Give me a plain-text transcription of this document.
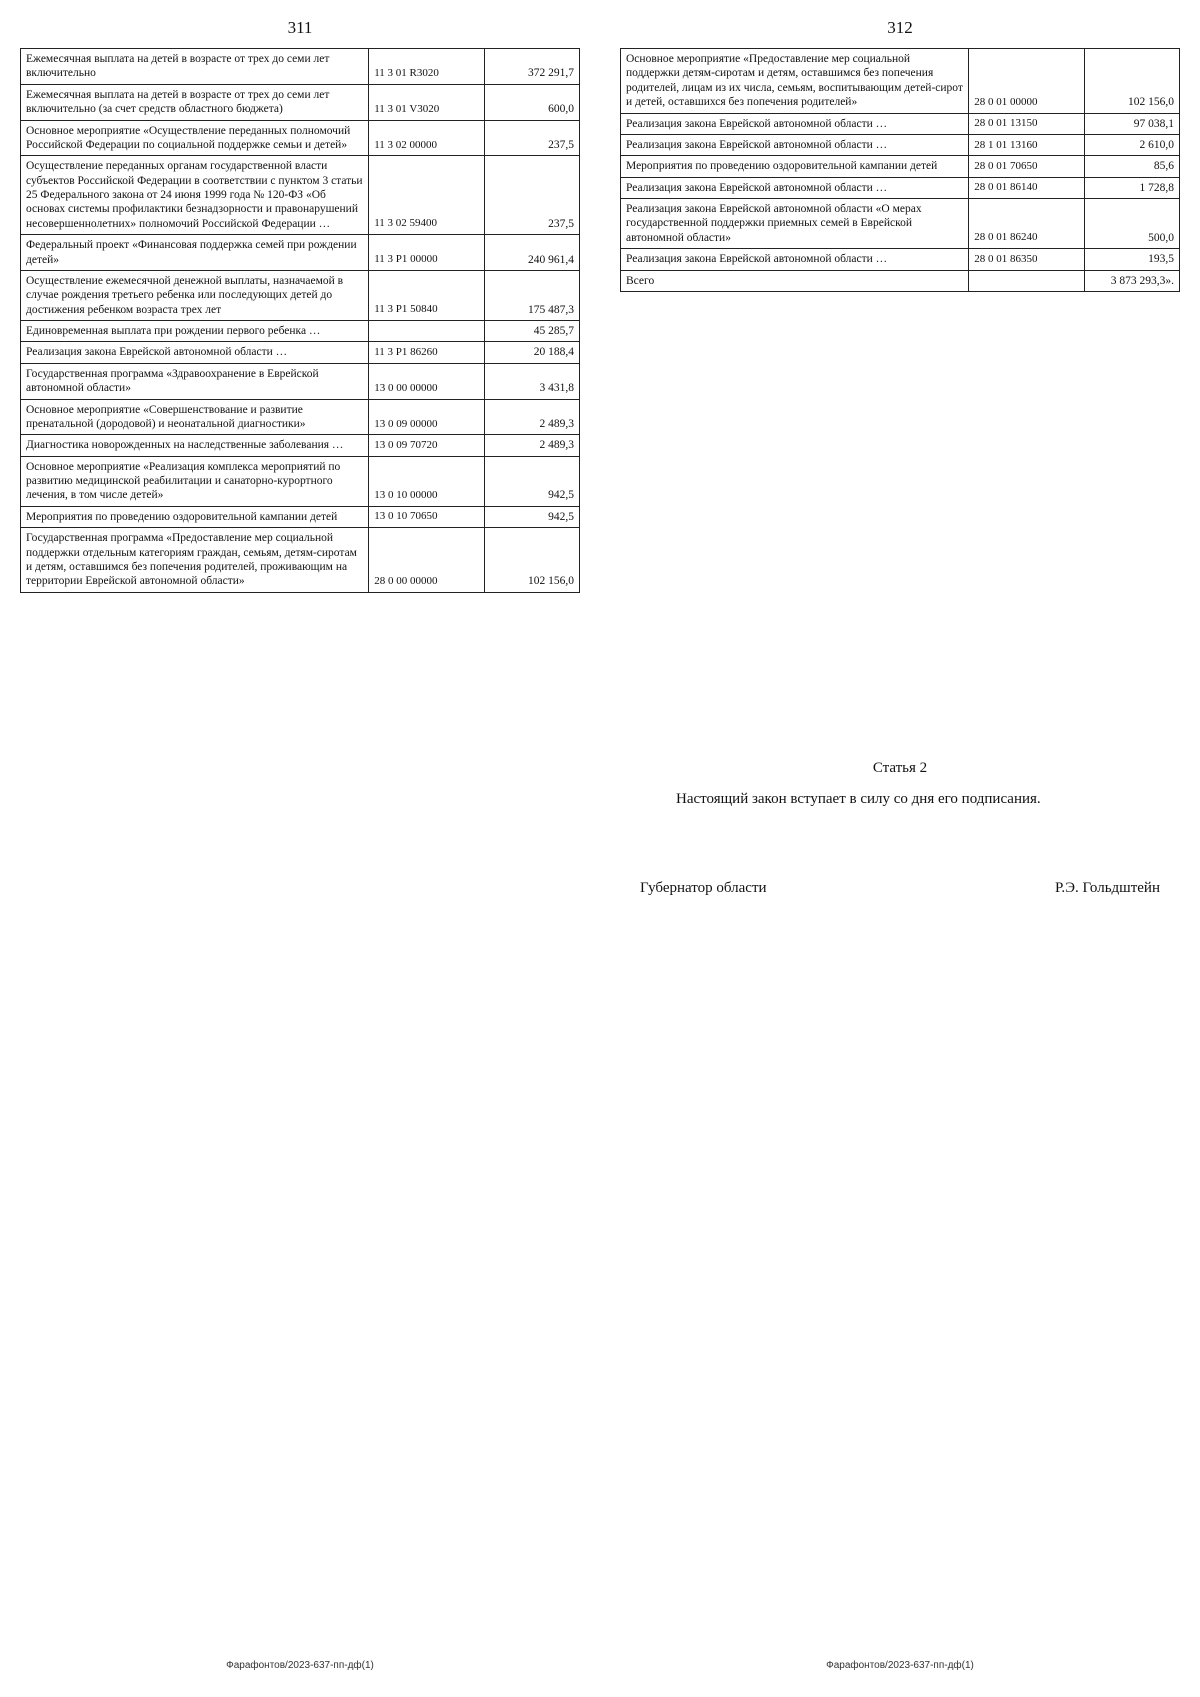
311	312
Ежемесячная выплата на детей в возрасте от трех до семи лет включительно	11 3 01 R3020	372 291,7
Ежемесячная выплата на детей в возрасте от трех до семи лет включительно (за счет средств областного бюджета)	11 3 01 V3020	600,0
Основное мероприятие «Осуществление переданных полномочий Российской Федерации по социальной поддержке семьи и детей»	11 3 02 00000	237,5
Осуществление переданных органам государственной власти субъектов Российской Федерации в соответствии с пунктом 3 статьи 25 Федерального закона от 24 июня 1999 года № 120-ФЗ «Об основах системы профилактики безнадзорности и правонарушений несовершеннолетних» полномочий Российской Федерации …	11 3 02 59400	237,5
Федеральный проект «Финансовая поддержка семей при рождении детей»	11 3 P1 00000	240 961,4
Осуществление ежемесячной денежной выплаты, назначаемой в случае рождения третьего ребенка или последующих детей до достижения ребенком возраста трех лет	11 3 P1 50840	175 487,3
Единовременная выплата при рождении первого ребенка …		45 285,7
Реализация закона Еврейской автономной области …	11 3 P1 86260	20 188,4
Государственная программа «Здравоохранение в Еврейской автономной области»	13 0 00 00000	3 431,8
Основное мероприятие «Совершенствование и развитие пренатальной (дородовой) и неонатальной диагностики»	13 0 09 00000	2 489,3
Диагностика новорожденных на наследственные заболевания …	13 0 09 70720	2 489,3
Основное мероприятие «Реализация комплекса мероприятий по развитию медицинской реабилитации и санаторно-курортного лечения, в том числе детей»	13 0 10 00000	942,5
Мероприятия по проведению оздоровительной кампании детей	13 0 10 70650	942,5
Государственная программа «Предоставление мер социальной поддержки отдельным категориям граждан, семьям, детям-сиротам и детям, оставшимся без попечения родителей, проживающим на территории Еврейской автономной области»	28 0 00 00000	102 156,0
Основное мероприятие «Предоставление мер социальной поддержки детям-сиротам и детям, оставшимся без попечения родителей, лицам из их числа, семьям, воспитывающим детей-сирот и детей, оставшихся без попечения родителей»	28 0 01 00000	102 156,0
Реализация закона Еврейской автономной области …	28 0 01 13150	97 038,1
Реализация закона Еврейской автономной области …	28 1 01 13160	2 610,0
Мероприятия по проведению оздоровительной кампании детей	28 0 01 70650	85,6
Реализация закона Еврейской автономной области …	28 0 01 86140	1 728,8
Реализация закона Еврейской автономной области «О мерах государственной поддержки приемных семей в Еврейской автономной области»	28 0 01 86240	500,0
Реализация закона Еврейской автономной области …	28 0 01 86350	193,5
Всего		3 873 293,3».
Статья 2
Настоящий закон вступает в силу со дня его подписания.
Губернатор области	Р.Э. Гольдштейн
Фарафонтов/2023-637-пп-дф(1)	Фарафонтов/2023-637-пп-дф(1)
